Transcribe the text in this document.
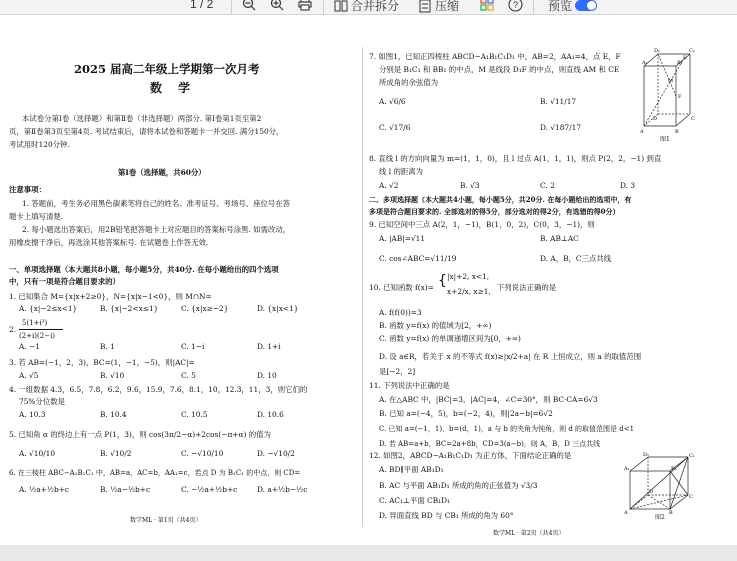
1 / 2	合并拆分	压缩	? 预览
2025 届高二年级上学期第一次月考
数 学
本试卷分第Ⅰ卷（选择题）和第Ⅱ卷（非选择题）两部分. 第Ⅰ卷第1页至第2
页，第Ⅱ卷第3页至第4页. 考试结束后，请将本试卷和答题卡一并交回. 满分150分，
考试用时120分钟.
第Ⅰ卷（选择题，共60分）
注意事项：
1. 答题前，考生务必用黑色碳素笔将自己的姓名、准考证号、考场号、座位号在答
题卡上填写清楚.
2. 每小题选出答案后，用2B铅笔把答题卡上对应题目的答案标号涂黑. 如需改动，
用橡皮擦干净后，再选涂其他答案标号. 在试题卷上作答无效.
一、单项选择题（本大题共8小题，每小题5分，共40分. 在每小题给出的四个选项
中，只有一项是符合题目要求的）
1. 已知集合 M={x|x+2≥0}，N={x|x−1<0}，则 M∩N=
A. {x|−2≤x<1}	B. {x|−2<x≤1}	C. {x|x≥−2}	D. {x|x<1}
2.
5(1+i³)
(2+i)(2−i)
A. −1	B. 1	C. 1−i	D. 1+i
3. 若 AB=(−1，2，3)，BC=(1，−1，−5)，则|AC|=
A. √5	B. √10	C. 5	D. 10
4. 一组数据 4.3，6.5，7.8，6.2，9.6，15.9，7.6，8.1，10，12.3，11，3，则它们的
75%分位数是
A. 10.3	B. 10.4	C. 10.5	D. 10.6
5. 已知角 α 的终边上有一点 P(1，3)，则 cos(3π/2−α)+2cos(−π+α) 的值为
A. √10/10	B. √10/2	C. −√10/10	D. −√10/2
6. 在三棱柱 ABC−A₁B₁C₁ 中，AB=a，AC=b，AA₁=c，若点 D 为 B₁C₁ 的中点，则 CD=
A. ½a+½b+c	B. ½a−½b+c	C. −½a+½b+c	D. a+½b−½c
数学ML · 第1页（共4页）
7. 如图1，已知正四棱柱 ABCD−A₁B₁C₁D₁ 中，AB=2，AA₁=4，点 E，F
分别是 B₁C₁ 和 BB₁ 的中点，M 是线段 D₁F 的中点，则直线 AM 和 CE
所成角的余弦值为
A. √6/6	B. √11/17
C. √17/6	D. √187/17
A₁
D₁	C₁
B₁
E
F
M
A
D	C
B
图1
8. 直线 l 的方向向量为 m=(1，1，0)，且 l 过点 A(1，1，1)，则点 P(2，2，−1) 到直
线 l 的距离为
A. √2	B. √3	C. 2	D. 3
二、多项选择题（本大题共4小题，每小题5分，共20分. 在每小题给出的选项中，有
多项是符合题目要求的. 全部选对的得5分，部分选对的得2分，有选错的得0分）
9. 已知空间中三点 A(2，1，−1)，B(1，0，2)，C(0，3，−1)，则
A. |AB|=√11	B. AB⊥AC
C. cos∠ABC=√11/19	D. A，B，C三点共线
10. 已知函数 f(x)= { |x|+2, x<1,
x+2/x, x≥1, 下列说法正确的是
A. f(f(0))=3
B. 函数 y=f(x) 的值域为[2，+∞)
C. 函数 y=f(x) 的单调递增区间为[0，+∞)
D. 设 a∈R，若关于 x 的不等式 f(x)≥|x/2+a| 在 R 上恒成立，则 a 的取值范围
是[−2，2]
11. 下列说法中正确的是
A. 在△ABC 中，|BC|=3，|AC|=4，∠C=30°，则 BC·CA=6√3
B. 已知 a=(−4，5)，b=(−2，4)，则|2a−b|=6√2
C. 已知 a=(−1，1)，b=(d，1)，a 与 b 的夹角为钝角，则 d 的取值范围是 d<1
D. 若 AB=a+b，BC=2a+8b，CD=3(a−b)，则 A，B，D 三点共线
12. 如图2，ABCD−A₁B₁C₁D₁ 为正方体，下面结论正确的是
A. BD∥平面 AB₁D₁
B. AC 与平面 AB₁D₁ 所成的角的正弦值为 √3/3
C. AC₁⊥平面 CB₁D₁
D. 异面直线 BD 与 CB₁ 所成的角为 60°
A₁
D₁	C₁
B₁
A
D
C
B
图2
数学ML · 第2页（共4页）
